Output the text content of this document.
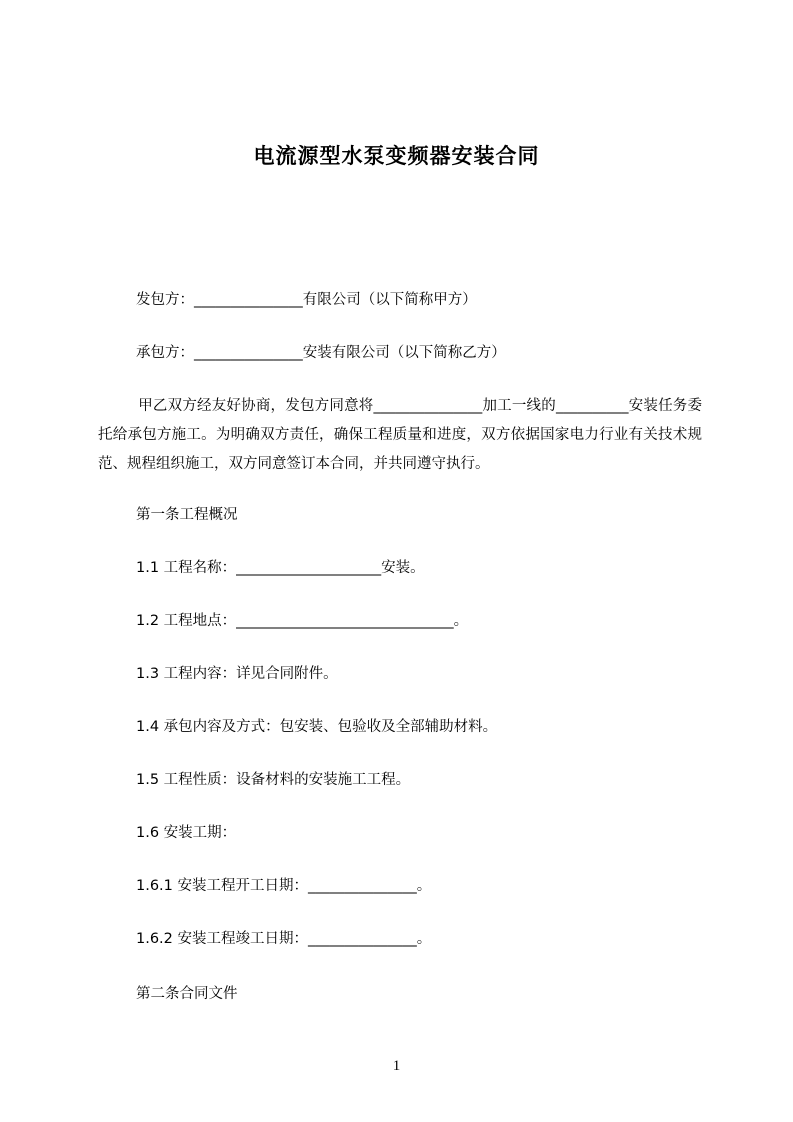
电流源型水泵变频器安装合同
发包方：_______________有限公司（以下简称甲方）
承包方：_______________安装有限公司（以下简称乙方）
甲乙双方经友好协商，发包方同意将_______________加工一线的__________安装任务委托给承包方施工。为明确双方责任，确保工程质量和进度，双方依据国家电力行业有关技术规范、规程组织施工，双方同意签订本合同，并共同遵守执行。
第一条工程概况
1.1 工程名称：____________________安装。
1.2 工程地点：______________________________。
1.3 工程内容：详见合同附件。
1.4 承包内容及方式：包安装、包验收及全部辅助材料。
1.5 工程性质：设备材料的安装施工工程。
1.6 安装工期：
1.6.1 安装工程开工日期：_______________。
1.6.2 安装工程竣工日期：_______________。
第二条合同文件
1
